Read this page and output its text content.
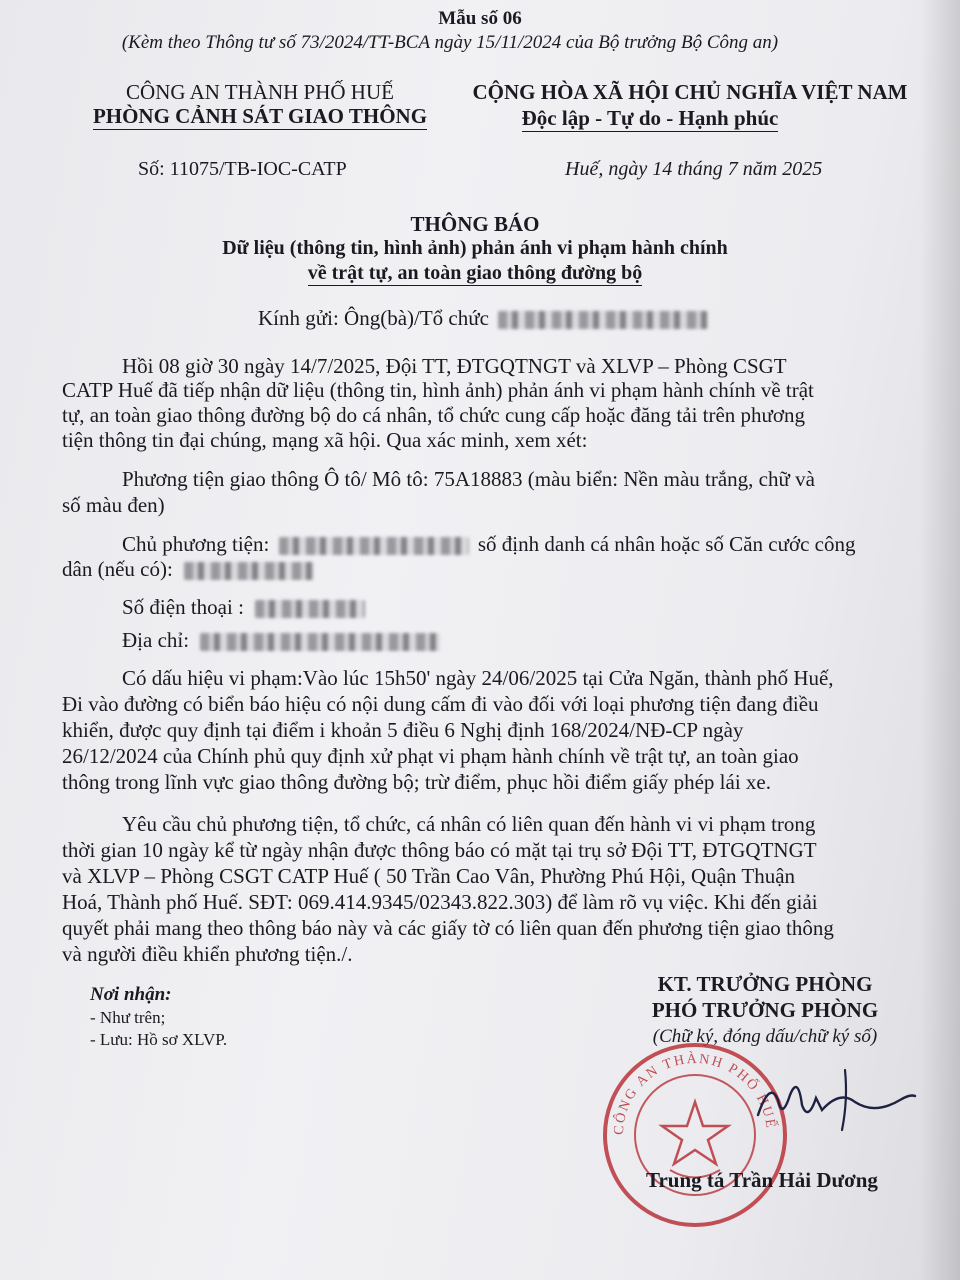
Mẫu số 06
(Kèm theo Thông tư số 73/2024/TT-BCA ngày 15/11/2024 của Bộ trưởng Bộ Công an)
CÔNG AN THÀNH PHỐ HUẾ
PHÒNG CẢNH SÁT GIAO THÔNG
Số: 11075/TB-IOC-CATP
CỘNG HÒA XÃ HỘI CHỦ NGHĨA VIỆT NAM
Độc lập - Tự do - Hạnh phúc
Huế, ngày 14 tháng 7 năm 2025
THÔNG BÁO
Dữ liệu (thông tin, hình ảnh) phản ánh vi phạm hành chính
về trật tự, an toàn giao thông đường bộ
Kính gửi: Ông(bà)/Tổ chức
Hồi 08 giờ 30 ngày 14/7/2025, Đội TT, ĐTGQTNGT và XLVP – Phòng CSGT
CATP Huế đã tiếp nhận dữ liệu (thông tin, hình ảnh) phản ánh vi phạm hành chính về trật
tự, an toàn giao thông đường bộ do cá nhân, tổ chức cung cấp hoặc đăng tải trên phương
tiện thông tin đại chúng, mạng xã hội. Qua xác minh, xem xét:
Phương tiện giao thông Ô tô/ Mô tô: 75A18883 (màu biển: Nền màu trắng, chữ và
số màu đen)
Chủ phương tiện:	số định danh cá nhân hoặc số Căn cước công
dân (nếu có):
Số điện thoại :
Địa chỉ:
Có dấu hiệu vi phạm:Vào lúc 15h50' ngày 24/06/2025 tại Cửa Ngăn, thành phố Huế,
Đi vào đường có biển báo hiệu có nội dung cấm đi vào đối với loại phương tiện đang điều
khiển, được quy định tại điểm i khoản 5 điều 6 Nghị định 168/2024/NĐ-CP ngày
26/12/2024 của Chính phủ quy định xử phạt vi phạm hành chính về trật tự, an toàn giao
thông trong lĩnh vực giao thông đường bộ; trừ điểm, phục hồi điểm giấy phép lái xe.
Yêu cầu chủ phương tiện, tổ chức, cá nhân có liên quan đến hành vi vi phạm trong
thời gian 10 ngày kể từ ngày nhận được thông báo có mặt tại trụ sở Đội TT, ĐTGQTNGT
và XLVP – Phòng CSGT CATP Huế ( 50 Trần Cao Vân, Phường Phú Hội, Quận Thuận
Hoá, Thành phố Huế. SĐT: 069.414.9345/02343.822.303) để làm rõ vụ việc. Khi đến giải
quyết phải mang theo thông báo này và các giấy tờ có liên quan đến phương tiện giao thông
và người điều khiển phương tiện./.
Nơi nhận:
- Như trên;
- Lưu: Hồ sơ XLVP.
KT. TRƯỞNG PHÒNG
PHÓ TRƯỞNG PHÒNG
(Chữ ký, đóng dấu/chữ ký số)
CÔNG AN THÀNH PHỐ HUẾ
Trung tá Trần Hải Dương
